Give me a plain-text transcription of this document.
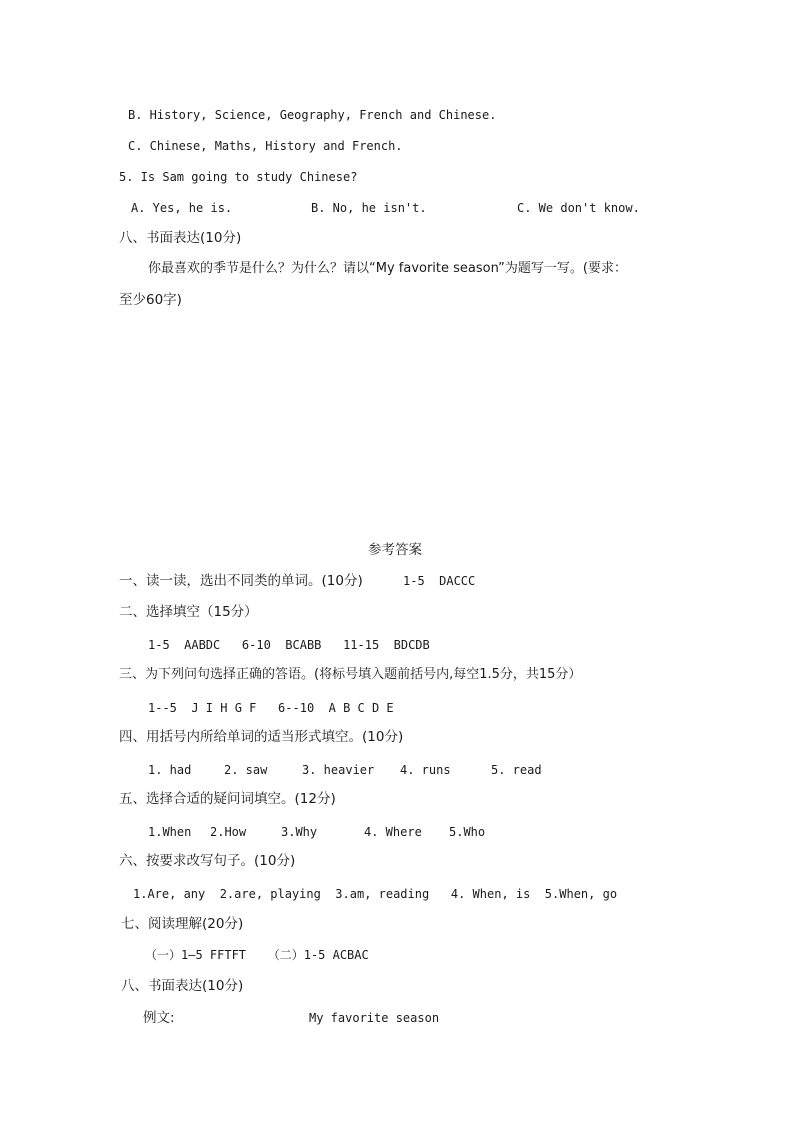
B. History, Science, Geography, French and Chinese.

C. Chinese, Maths, History and French.

5. Is Sam going to study Chinese?

A. Yes, he is.	B. No, he isn't.	C. We don't know.

八、书面表达(10分)

你最喜欢的季节是什么？为什么？请以“My favorite season”为题写一写。(要求：

至少60字)

参考答案

一、读一读，选出不同类的单词。(10分)	1-5  DACCC

二、选择填空（15分）

1-5  AABDC   6-10  BCABB   11-15  BDCDB

三、为下列问句选择正确的答语。(将标号填入题前括号内,每空1.5分，共15分）

1--5  J I H G F   6--10  A B C D E

四、用括号内所给单词的适当形式填空。(10分)

1. had	2. saw	3. heavier 4. runs	5. read

五、选择合适的疑问词填空。(12分)

1.When 2.How	3.Why	4. Where 5.Who

六、按要求改写句子。(10分)

1.Are, any  2.are, playing  3.am, reading   4. When, is  5.When, go

七、阅读理解(20分)

（一）1—5 FFTFT   （二）1-5 ACBAC

八、书面表达(10分)

例文:	My favorite season
